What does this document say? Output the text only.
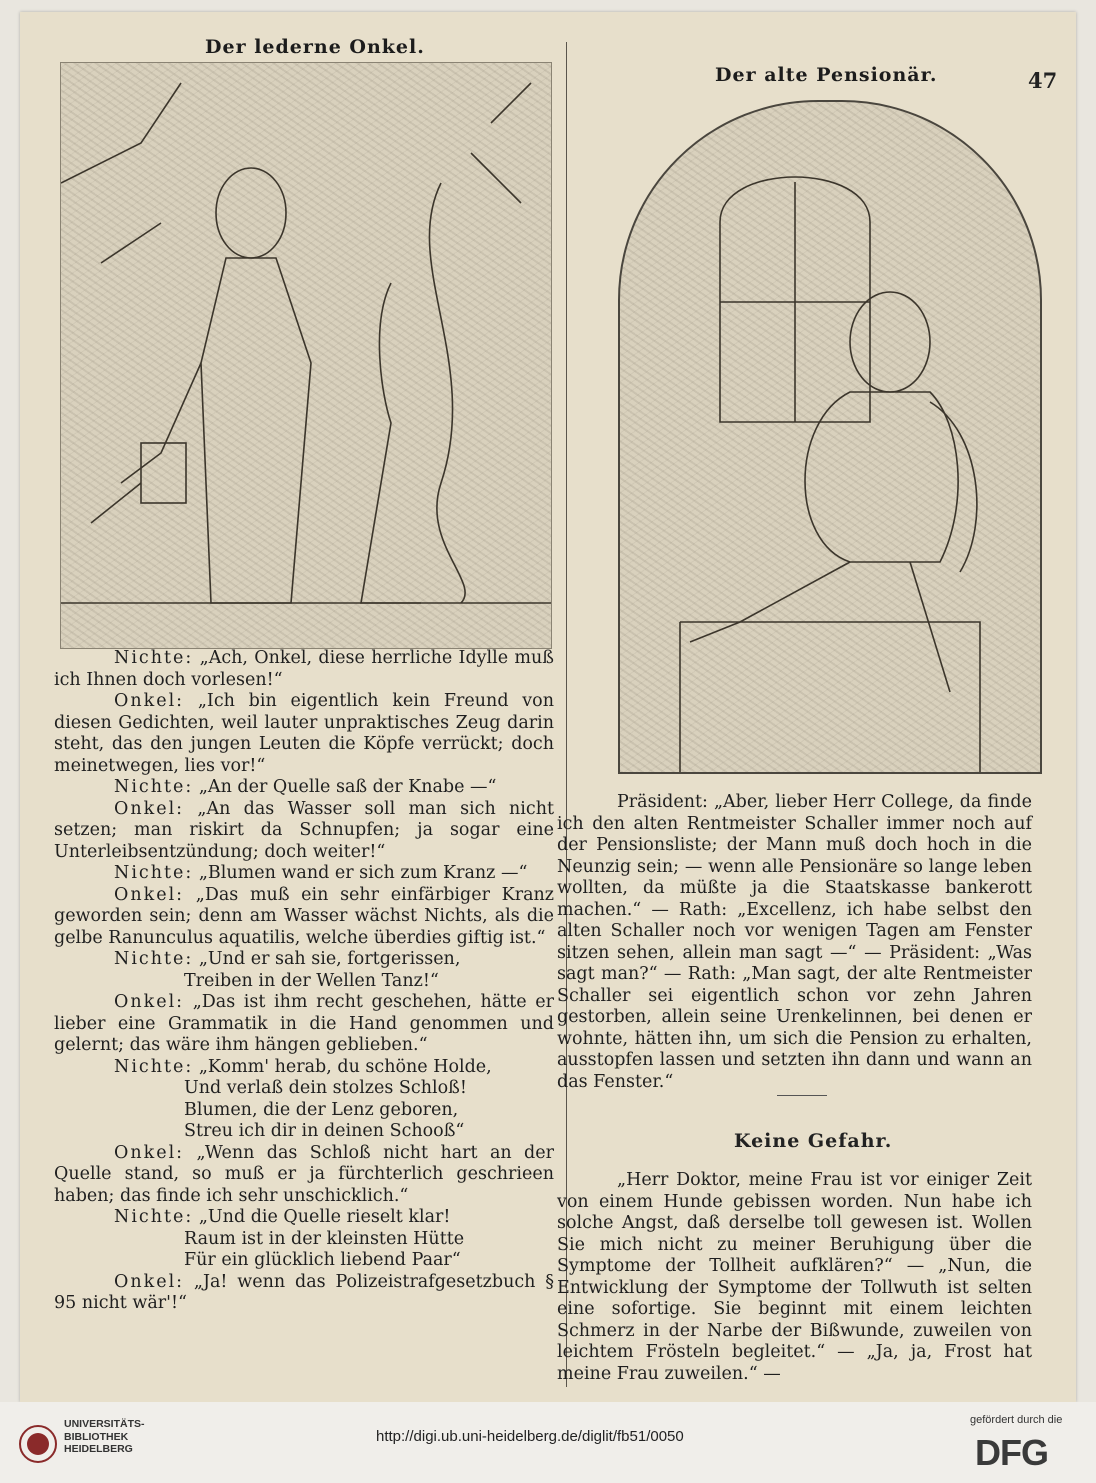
Der lederne Onkel.
Der alte Pensionär.	47

Nichte: „Ach, Onkel, diese herrliche Idylle muß ich Ihnen doch vorlesen!“

Onkel: „Ich bin eigentlich kein Freund von diesen Gedichten, weil lauter unpraktisches Zeug darin steht, das den jungen Leuten die Köpfe verrückt; doch meinetwegen, lies vor!“

Nichte: „An der Quelle saß der Knabe —“

Onkel: „An das Wasser soll man sich nicht setzen; man riskirt da Schnupfen; ja sogar eine Unterleibsentzündung; doch weiter!“

Nichte: „Blumen wand er sich zum Kranz —“

Onkel: „Das muß ein sehr einfärbiger Kranz geworden sein; denn am Wasser wächst Nichts, als die gelbe Ranunculus aquatilis, welche überdies giftig ist.“

Nichte: „Und er sah sie, fortgerissen,

Treiben in der Wellen Tanz!“

Onkel: „Das ist ihm recht geschehen, hätte er lieber eine Grammatik in die Hand genommen und gelernt; das wäre ihm hängen geblieben.“

Nichte: „Komm' herab, du schöne Holde,

Und verlaß dein stolzes Schloß!

Blumen, die der Lenz geboren,

Streu ich dir in deinen Schooß“

Onkel: „Wenn das Schloß nicht hart an der Quelle stand, so muß er ja fürchterlich geschrieen haben; das finde ich sehr unschicklich.“

Nichte: „Und die Quelle rieselt klar!

Raum ist in der kleinsten Hütte

Für ein glücklich liebend Paar“

Onkel: „Ja! wenn das Polizeistrafgesetzbuch § 95 nicht wär'!“

Präsident: „Aber, lieber Herr College, da finde ich den alten Rentmeister Schaller immer noch auf der Pensionsliste; der Mann muß doch hoch in die Neunzig sein; — wenn alle Pensionäre so lange leben wollten, da müßte ja die Staatskasse bankerott machen.“ — Rath: „Excellenz, ich habe selbst den alten Schaller noch vor wenigen Tagen am Fenster sitzen sehen, allein man sagt —“ — Präsident: „Was sagt man?“ — Rath: „Man sagt, der alte Rentmeister Schaller sei eigentlich schon vor zehn Jahren gestorben, allein seine Urenkelinnen, bei denen er wohnte, hätten ihn, um sich die Pension zu erhalten, ausstopfen lassen und setzten ihn dann und wann an das Fenster.“

Keine Gefahr.

„Herr Doktor, meine Frau ist vor einiger Zeit von einem Hunde gebissen worden. Nun habe ich solche Angst, daß derselbe toll gewesen ist. Wollen Sie mich nicht zu meiner Beruhigung über die Symptome der Tollheit aufklären?“ — „Nun, die Entwicklung der Symptome der Tollwuth ist selten eine sofortige. Sie beginnt mit einem leichten Schmerz in der Narbe der Bißwunde, zuweilen von leichtem Frösteln begleitet.“ — „Ja, ja, Frost hat meine Frau zuweilen.“ —

UNIVERSITÄTS-
BIBLIOTHEK
HEIDELBERG
http://digi.ub.uni-heidelberg.de/diglit/fb51/0050
gefördert durch die
DFG
